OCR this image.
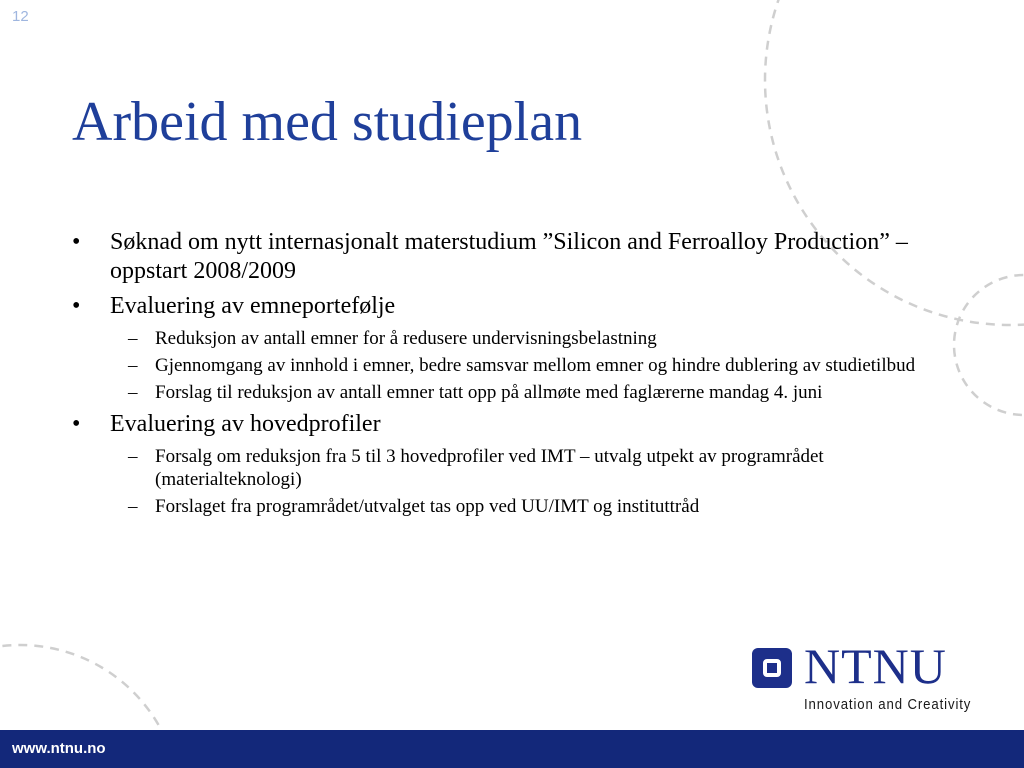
12
Arbeid med studieplan
• Søknad om nytt internasjonalt materstudium ”Silicon and Ferroalloy Production” – oppstart 2008/2009
• Evaluering av emneportefølje
– Reduksjon av antall emner for å redusere undervisningsbelastning
– Gjennomgang av innhold i emner, bedre samsvar mellom emner og hindre dublering av studietilbud
– Forslag til reduksjon av antall emner tatt opp på allmøte med faglærerne mandag 4. juni
• Evaluering av hovedprofiler
– Forsalg om reduksjon fra 5 til 3 hovedprofiler ved IMT – utvalg utpekt av programrådet (materialteknologi)
– Forslaget fra programrådet/utvalget tas opp ved UU/IMT og instituttråd
NTNU
Innovation and Creativity
www.ntnu.no
